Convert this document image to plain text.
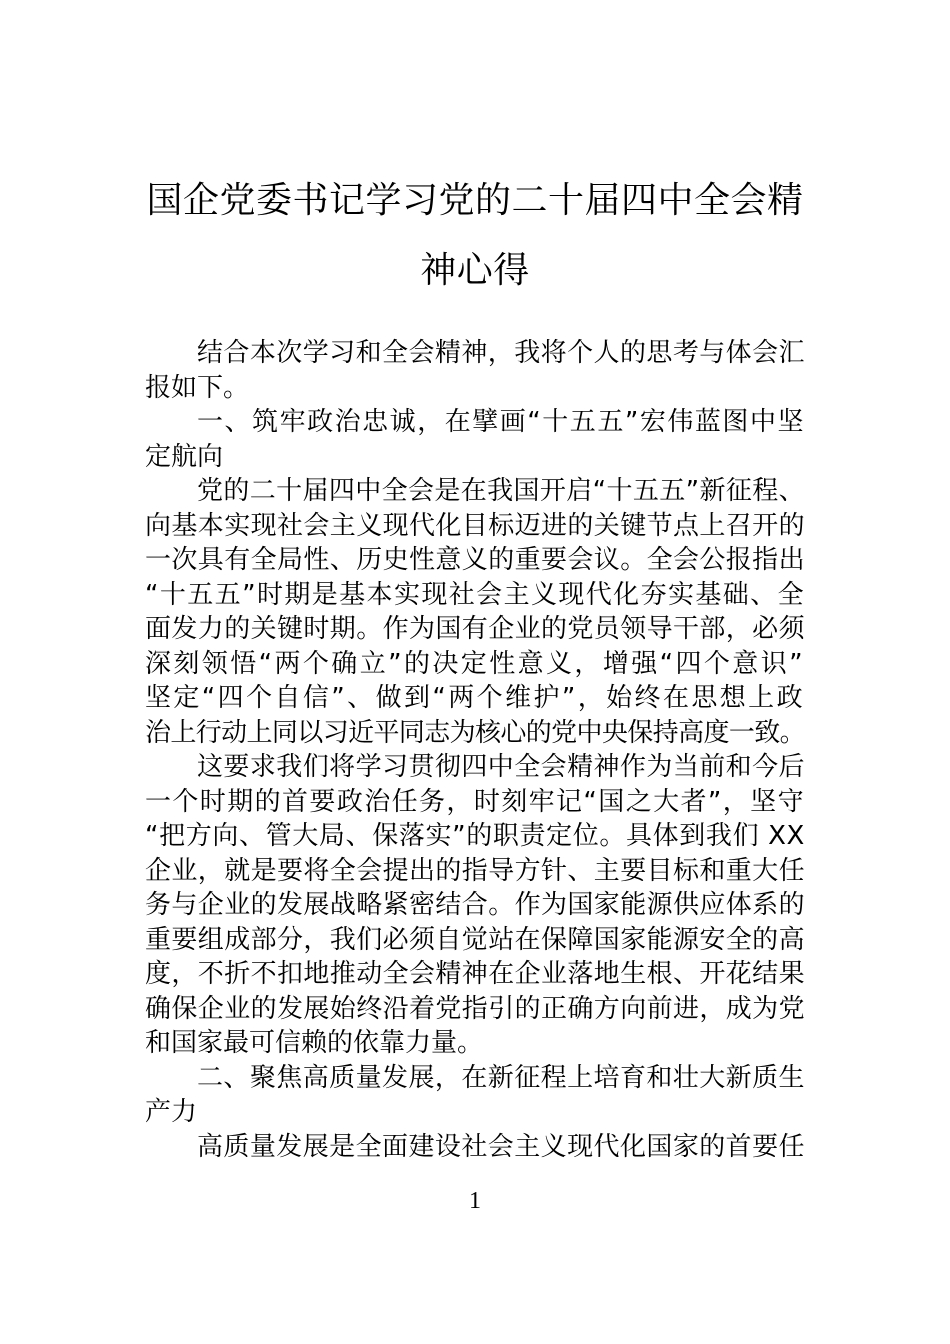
国企党委书记学习党的二十届四中全会精
神心得
结合本次学习和全会精神，我将个人的思考与体会汇
报如下。
一、筑牢政治忠诚，在擘画“十五五”宏伟蓝图中坚
定航向
党的二十届四中全会是在我国开启“十五五”新征程、
向基本实现社会主义现代化目标迈进的关键节点上召开的
一次具有全局性、历史性意义的重要会议。全会公报指出
“十五五”时期是基本实现社会主义现代化夯实基础、全
面发力的关键时期。作为国有企业的党员领导干部，必须
深刻领悟“两个确立”的决定性意义，增强“四个意识”
坚定“四个自信”、做到“两个维护”，始终在思想上政
治上行动上同以习近平同志为核心的党中央保持高度一致。
这要求我们将学习贯彻四中全会精神作为当前和今后
一个时期的首要政治任务，时刻牢记“国之大者”，坚守
“把方向、管大局、保落实”的职责定位。具体到我们 XX
企业，就是要将全会提出的指导方针、主要目标和重大任
务与企业的发展战略紧密结合。作为国家能源供应体系的
重要组成部分，我们必须自觉站在保障国家能源安全的高
度，不折不扣地推动全会精神在企业落地生根、开花结果
确保企业的发展始终沿着党指引的正确方向前进，成为党
和国家最可信赖的依靠力量。
二、聚焦高质量发展，在新征程上培育和壮大新质生
产力
高质量发展是全面建设社会主义现代化国家的首要任
1
